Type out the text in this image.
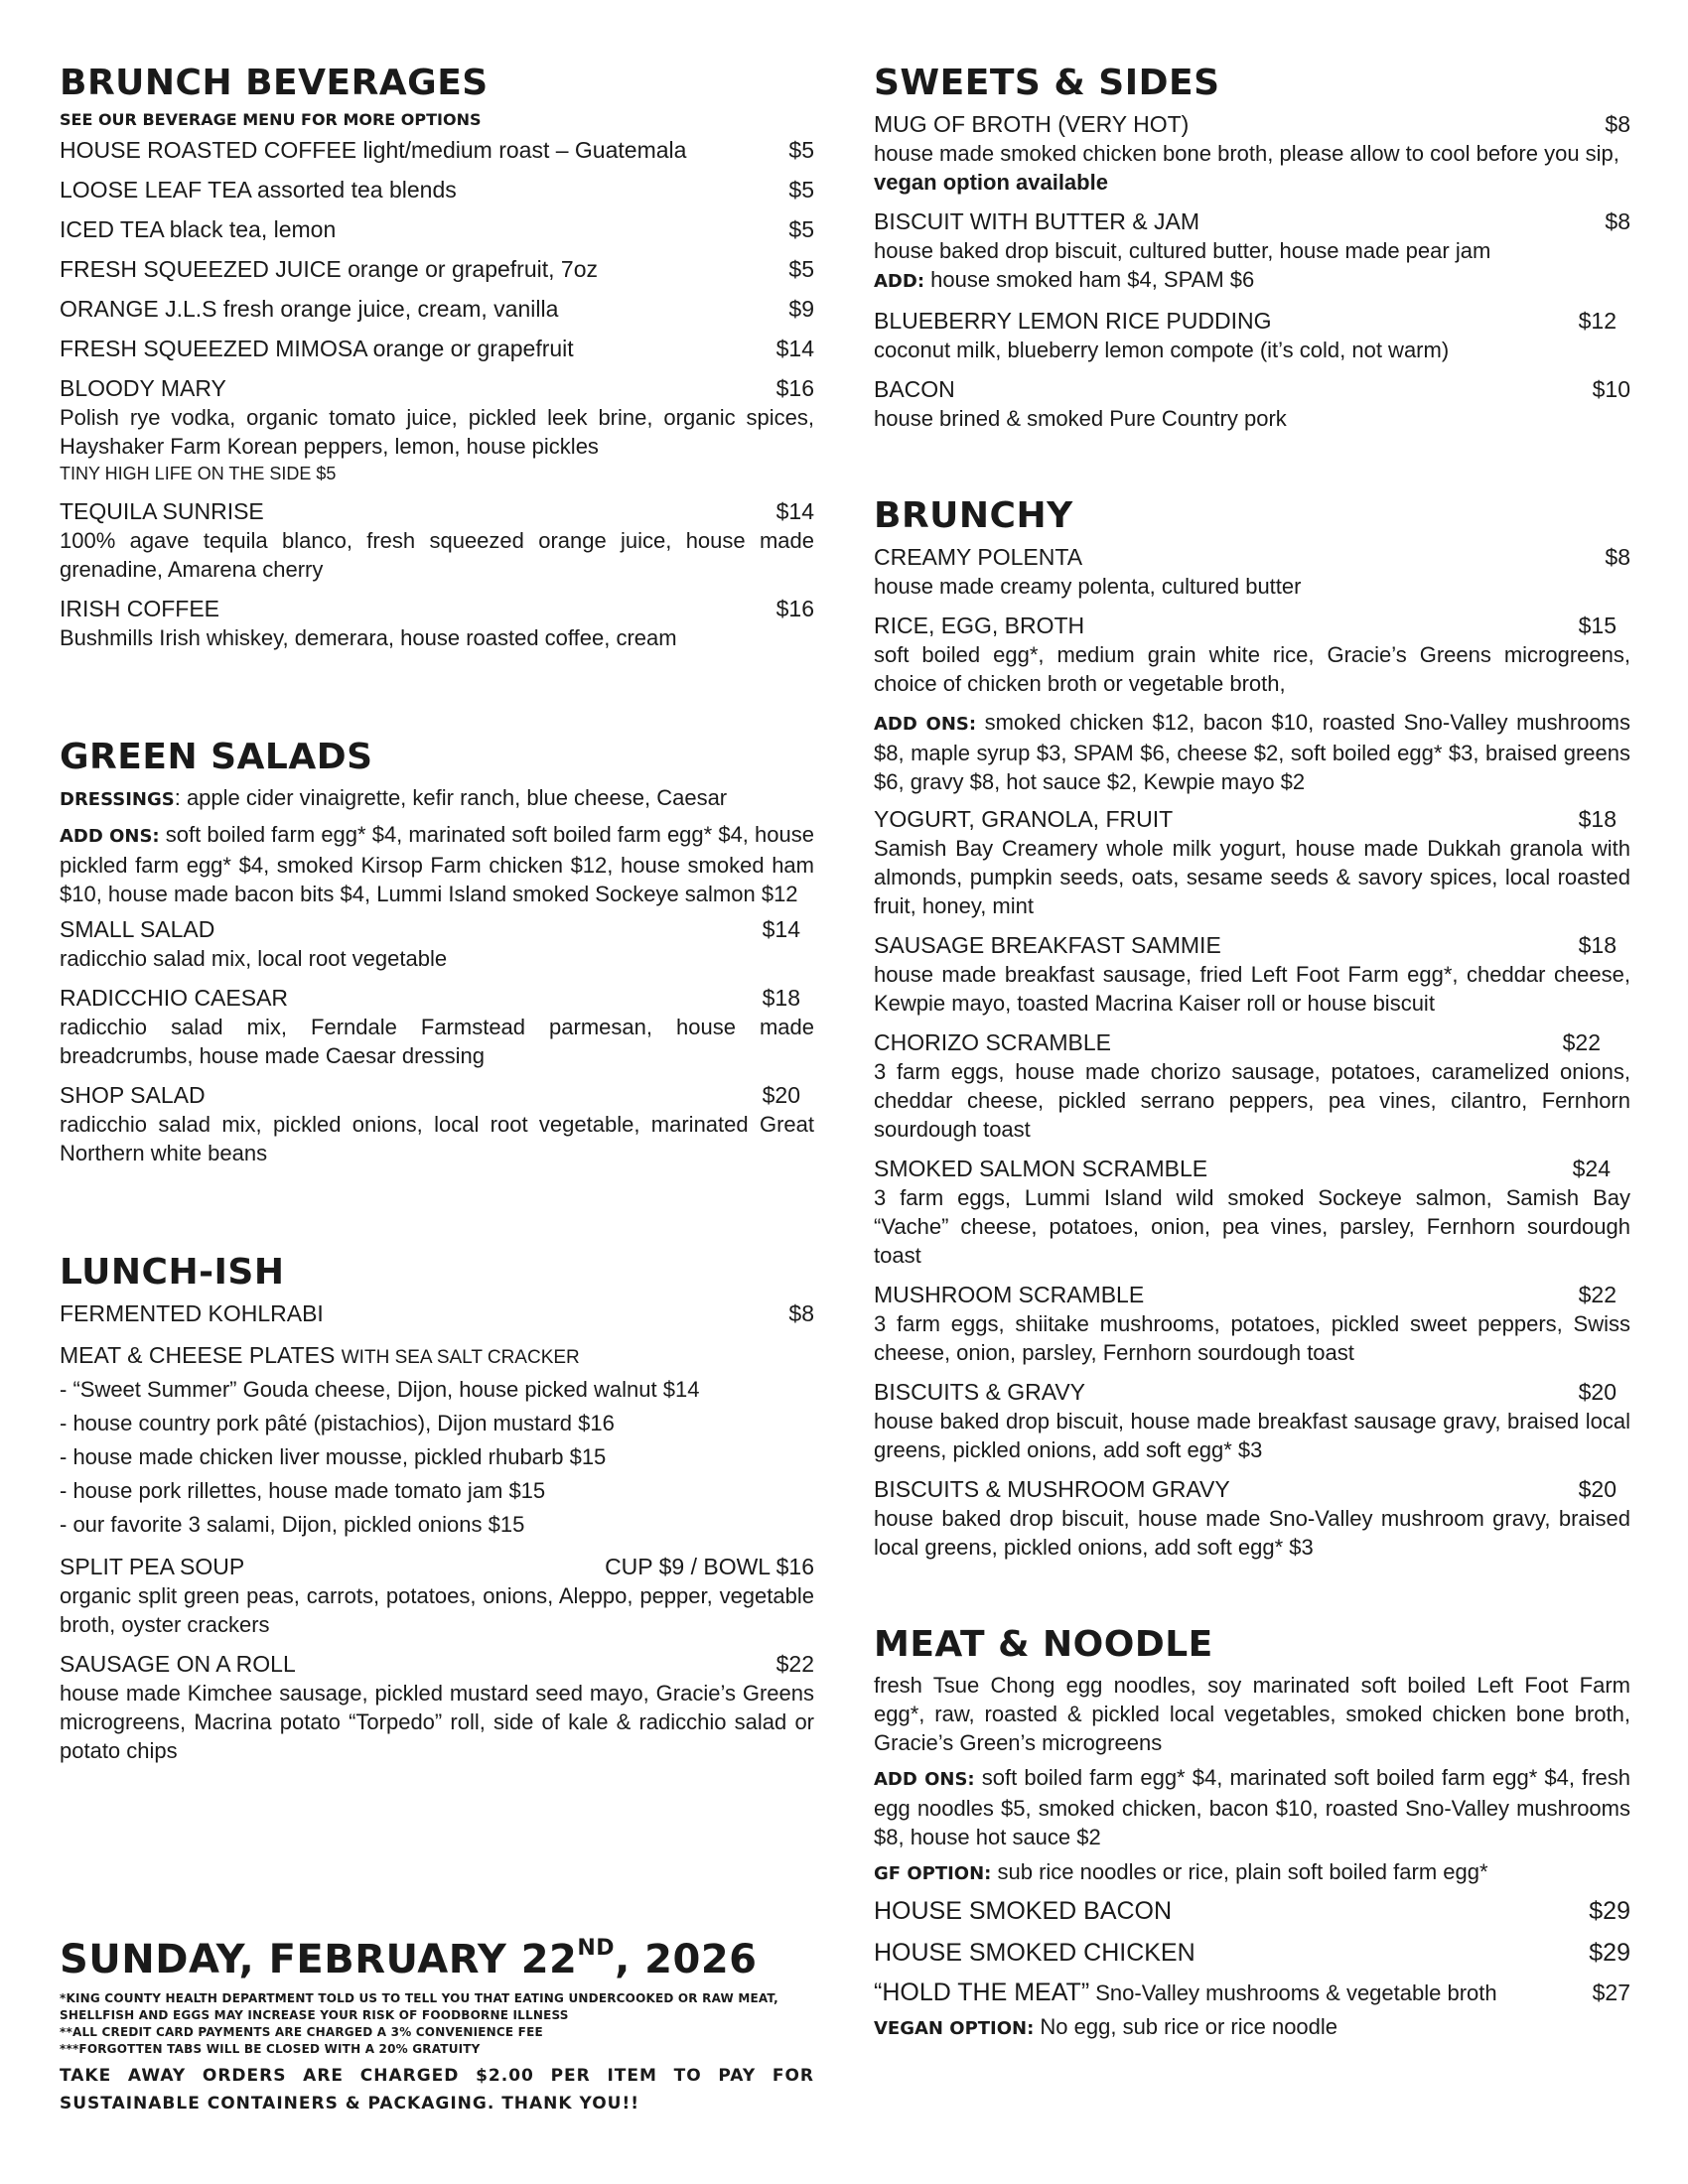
BRUNCH BEVERAGES
SEE OUR BEVERAGE MENU FOR MORE OPTIONS
HOUSE ROASTED COFFEE light/medium roast – Guatemala	$5
LOOSE LEAF TEA assorted tea blends	$5
ICED TEA black tea, lemon	$5
FRESH SQUEEZED JUICE orange or grapefruit, 7oz	$5
ORANGE J.L.S fresh orange juice, cream, vanilla	$9
FRESH SQUEEZED MIMOSA orange or grapefruit	$14
BLOODY MARY	$16
Polish rye vodka, organic tomato juice, pickled leek brine, organic spices, Hayshaker Farm Korean peppers, lemon, house pickles
TINY HIGH LIFE ON THE SIDE $5
TEQUILA SUNRISE	$14
100% agave tequila blanco, fresh squeezed orange juice, house made grenadine, Amarena cherry
IRISH COFFEE	$16
Bushmills Irish whiskey, demerara, house roasted coffee, cream
GREEN SALADS
DRESSINGS: apple cider vinaigrette, kefir ranch, blue cheese, Caesar
ADD ONS: soft boiled farm egg* $4, marinated soft boiled farm egg* $4, house pickled farm egg* $4, smoked Kirsop Farm chicken $12, house smoked ham $10, house made bacon bits $4, Lummi Island smoked Sockeye salmon $12
SMALL SALAD	$14
radicchio salad mix, local root vegetable
RADICCHIO CAESAR	$18
radicchio salad mix, Ferndale Farmstead parmesan, house made breadcrumbs, house made Caesar dressing
SHOP SALAD	$20
radicchio salad mix, pickled onions, local root vegetable, marinated Great Northern white beans
LUNCH-ISH
FERMENTED KOHLRABI	$8
MEAT & CHEESE PLATES WITH SEA SALT CRACKER
- “Sweet Summer” Gouda cheese, Dijon, house picked walnut $14
- house country pork pâté (pistachios), Dijon mustard $16
- house made chicken liver mousse, pickled rhubarb $15
- house pork rillettes, house made tomato jam $15
- our favorite 3 salami, Dijon, pickled onions $15
SPLIT PEA SOUP	CUP $9 / BOWL $16
organic split green peas, carrots, potatoes, onions, Aleppo, pepper, vegetable broth, oyster crackers
SAUSAGE ON A ROLL	$22
house made Kimchee sausage, pickled mustard seed mayo, Gracie’s Greens microgreens, Macrina potato “Torpedo” roll, side of kale & radicchio salad or potato chips
SUNDAY, FEBRUARY 22ND, 2026
*KING COUNTY HEALTH DEPARTMENT TOLD US TO TELL YOU THAT EATING UNDERCOOKED OR RAW MEAT, SHELLFISH AND EGGS MAY INCREASE YOUR RISK OF FOODBORNE ILLNESS
**ALL CREDIT CARD PAYMENTS ARE CHARGED A 3% CONVENIENCE FEE
***FORGOTTEN TABS WILL BE CLOSED WITH A 20% GRATUITY
TAKE AWAY ORDERS ARE CHARGED $2.00 PER ITEM TO PAY FOR SUSTAINABLE CONTAINERS & PACKAGING. THANK YOU!!
SWEETS & SIDES
MUG OF BROTH (VERY HOT)	$8
house made smoked chicken bone broth, please allow to cool before you sip, vegan option available
BISCUIT WITH BUTTER & JAM	$8
house baked drop biscuit, cultured butter, house made pear jam
ADD: house smoked ham $4, SPAM $6
BLUEBERRY LEMON RICE PUDDING	$12
coconut milk, blueberry lemon compote (it’s cold, not warm)
BACON	$10
house brined & smoked Pure Country pork
BRUNCHY
CREAMY POLENTA	$8
house made creamy polenta, cultured butter
RICE, EGG, BROTH	$15
soft boiled egg*, medium grain white rice, Gracie’s Greens microgreens, choice of chicken broth or vegetable broth,
ADD ONS: smoked chicken $12, bacon $10, roasted Sno-Valley mushrooms $8, maple syrup $3, SPAM $6, cheese $2, soft boiled egg* $3, braised greens $6, gravy $8, hot sauce $2, Kewpie mayo $2
YOGURT, GRANOLA, FRUIT	$18
Samish Bay Creamery whole milk yogurt, house made Dukkah granola with almonds, pumpkin seeds, oats, sesame seeds & savory spices, local roasted fruit, honey, mint
SAUSAGE BREAKFAST SAMMIE	$18
house made breakfast sausage, fried Left Foot Farm egg*, cheddar cheese, Kewpie mayo, toasted Macrina Kaiser roll or house biscuit
CHORIZO SCRAMBLE	$22
3 farm eggs, house made chorizo sausage, potatoes, caramelized onions, cheddar cheese, pickled serrano peppers, pea vines, cilantro, Fernhorn sourdough toast
SMOKED SALMON SCRAMBLE	$24
3 farm eggs, Lummi Island wild smoked Sockeye salmon, Samish Bay “Vache” cheese, potatoes, onion, pea vines, parsley, Fernhorn sourdough toast
MUSHROOM SCRAMBLE	$22
3 farm eggs, shiitake mushrooms, potatoes, pickled sweet peppers, Swiss cheese, onion, parsley, Fernhorn sourdough toast
BISCUITS & GRAVY	$20
house baked drop biscuit, house made breakfast sausage gravy, braised local greens, pickled onions, add soft egg* $3
BISCUITS & MUSHROOM GRAVY	$20
house baked drop biscuit, house made Sno-Valley mushroom gravy, braised local greens, pickled onions, add soft egg* $3
MEAT & NOODLE
fresh Tsue Chong egg noodles, soy marinated soft boiled Left Foot Farm egg*, raw, roasted & pickled local vegetables, smoked chicken bone broth, Gracie’s Green’s microgreens
ADD ONS: soft boiled farm egg* $4, marinated soft boiled farm egg* $4, fresh egg noodles $5, smoked chicken, bacon $10, roasted Sno-Valley mushrooms $8, house hot sauce $2
GF OPTION: sub rice noodles or rice, plain soft boiled farm egg*
HOUSE SMOKED BACON	$29
HOUSE SMOKED CHICKEN	$29
“HOLD THE MEAT” Sno-Valley mushrooms & vegetable broth	$27
VEGAN OPTION: No egg, sub rice or rice noodle
